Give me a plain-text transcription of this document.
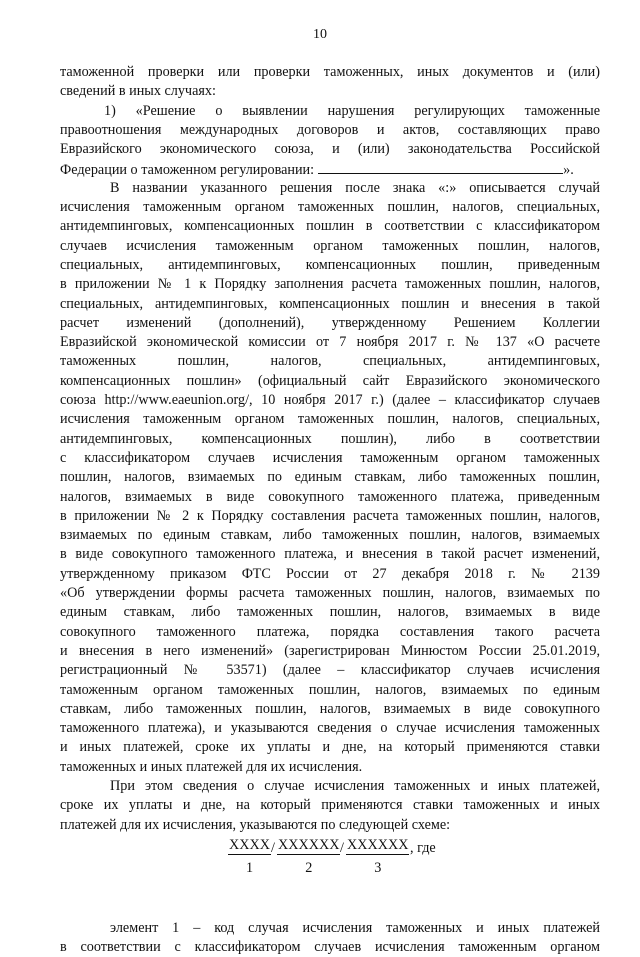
10
таможенной проверки или проверки таможенных, иных документов и (или)
сведений в иных случаях:
1) «Решение о выявлении нарушения регулирующих таможенные
правоотношения международных договоров и актов, составляющих право
Евразийского экономического союза, и (или) законодательства Российской
Федерации о таможенном регулировании:	».
В названии указанного решения после знака «:» описывается случай
исчисления таможенным органом таможенных пошлин, налогов, специальных,
антидемпинговых, компенсационных пошлин в соответствии с классификатором
случаев исчисления таможенным органом таможенных пошлин, налогов,
специальных, антидемпинговых, компенсационных пошлин, приведенным
в приложении № 1 к Порядку заполнения расчета таможенных пошлин, налогов,
специальных, антидемпинговых, компенсационных пошлин и внесения в такой
расчет изменений (дополнений), утвержденному Решением Коллегии
Евразийской экономической комиссии от 7 ноября 2017 г. № 137 «О расчете
таможенных пошлин, налогов, специальных, антидемпинговых,
компенсационных пошлин» (официальный сайт Евразийского экономического
союза http://www.eaeunion.org/, 10 ноября 2017 г.) (далее – классификатор случаев
исчисления таможенным органом таможенных пошлин, налогов, специальных,
антидемпинговых, компенсационных пошлин), либо в соответствии
с классификатором случаев исчисления таможенным органом таможенных
пошлин, налогов, взимаемых по единым ставкам, либо таможенных пошлин,
налогов, взимаемых в виде совокупного таможенного платежа, приведенным
в приложении № 2 к Порядку составления расчета таможенных пошлин, налогов,
взимаемых по единым ставкам, либо таможенных пошлин, налогов, взимаемых
в виде совокупного таможенного платежа, и внесения в такой расчет изменений,
утвержденному приказом ФТС России от 27 декабря 2018 г. № 2139
«Об утверждении формы расчета таможенных пошлин, налогов, взимаемых по
единым ставкам, либо таможенных пошлин, налогов, взимаемых в виде
совокупного таможенного платежа, порядка составления такого расчета
и внесения в него изменений» (зарегистрирован Минюстом России 25.01.2019,
регистрационный № 53571) (далее – классификатор случаев исчисления
таможенным органом таможенных пошлин, налогов, взимаемых по единым
ставкам, либо таможенных пошлин, налогов, взимаемых в виде совокупного
таможенного платежа), и указываются сведения о случае исчисления таможенных
и иных платежей, сроке их уплаты и дне, на который применяются ставки
таможенных и иных платежей для их исчисления.
При этом сведения о случае исчисления таможенных и иных платежей,
сроке их уплаты и дне, на который применяются ставки таможенных и иных
платежей для их исчисления, указываются по следующей схеме:
XXXX
1
/ XXXXXX
2
/ XXXXXX
3
, где
элемент 1 – код случая исчисления таможенных и иных платежей
в соответствии с классификатором случаев исчисления таможенным органом
